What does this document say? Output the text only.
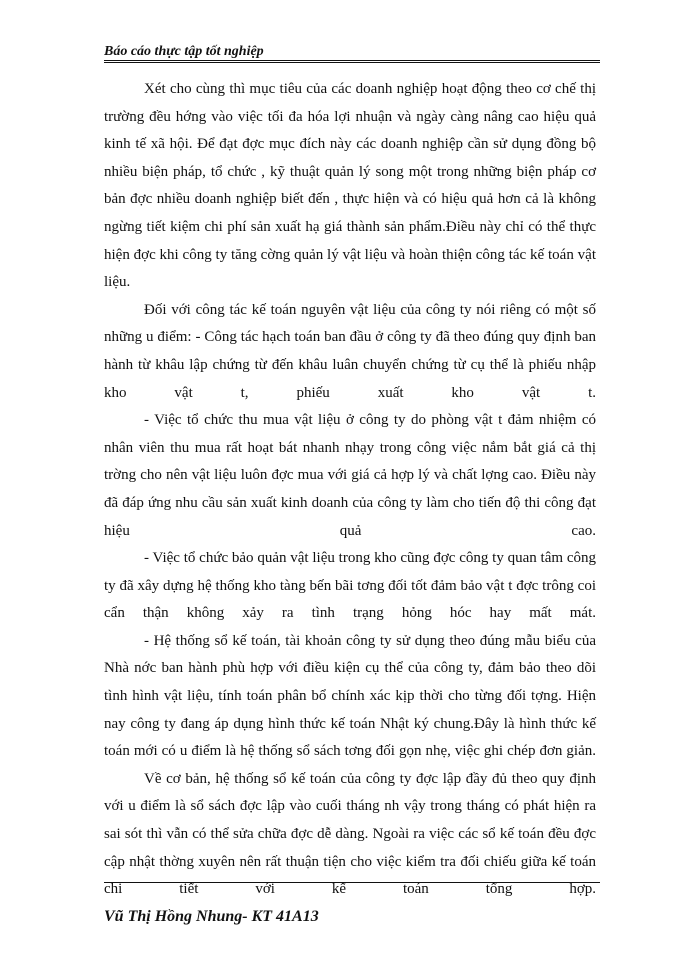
Báo cáo thực tập tốt nghiệp

Xét cho cùng thì mục tiêu của các doanh nghiệp hoạt động theo cơ chế thị trường đều hớng vào việc tối đa hóa lợi nhuận và ngày càng nâng cao hiệu quả kinh tế xã hội. Để đạt đợc mục đích này các doanh nghiệp cần sử dụng đồng bộ nhiều biện pháp, tổ chức , kỹ thuật quản lý song một trong những biện pháp cơ bản đợc nhiều doanh nghiệp biết đến , thực hiện và có hiệu quả hơn cả là không ngừng tiết kiệm chi phí sản xuất hạ giá thành sản phẩm.Điều này chỉ có thể thực hiện đợc khi công ty tăng cờng quản lý vật liệu và hoàn thiện công tác kế toán vật liệu.

Đối với công tác kế toán nguyên vật liệu của công ty nói riêng có một số những u điểm: - Công tác hạch toán ban đầu ở công ty đã theo đúng quy định ban hành từ khâu lập chứng từ đến khâu luân chuyển chứng từ cụ thể là phiếu nhập kho vật t, phiếu xuất kho vật t.

- Việc tổ chức thu mua vật liệu ở công ty do phòng vật t đảm nhiệm có nhân viên thu mua rất hoạt bát nhanh nhạy trong công việc nắm bắt giá cả thị trờng cho nên vật liệu luôn đợc mua với giá cả hợp lý và chất lợng cao. Điều này đã đáp ứng nhu cầu sản xuất kinh doanh của công ty làm cho tiến độ thi công đạt hiệu quả cao.

- Việc tổ chức bảo quản vật liệu trong kho cũng đợc công ty quan tâm công ty đã xây dựng hệ thống kho tàng bến bãi tơng đối tốt đảm bảo vật t đợc trông coi cẩn thận không xảy ra tình trạng hỏng hóc hay mất mát.

- Hệ thống sổ kế toán, tài khoản công ty sử dụng theo đúng mẫu biểu của Nhà nớc ban hành phù hợp với điều kiện cụ thể của công ty, đảm bảo theo dõi tình hình vật liệu, tính toán phân bổ chính xác kịp thời cho từng đối tợng. Hiện nay công ty đang áp dụng hình thức kế toán Nhật ký chung.Đây là hình thức kế toán mới có u điểm là hệ thống sổ sách tơng đối gọn nhẹ, việc ghi chép đơn giản.

Về cơ bản, hệ thống sổ kế toán của công ty đợc lập đầy đủ theo quy định với u điểm là sổ sách đợc lập vào cuối tháng nh vậy trong tháng có phát hiện ra sai sót thì vẫn có thể sửa chữa đợc dễ dàng. Ngoài ra việc các sổ kế toán đều đợc cập nhật thờng xuyên nên rất thuận tiện cho việc kiểm tra đối chiếu giữa kế toán chi tiết với kế toán tổng hợp.

Vũ Thị Hồng Nhung- KT 41A13
